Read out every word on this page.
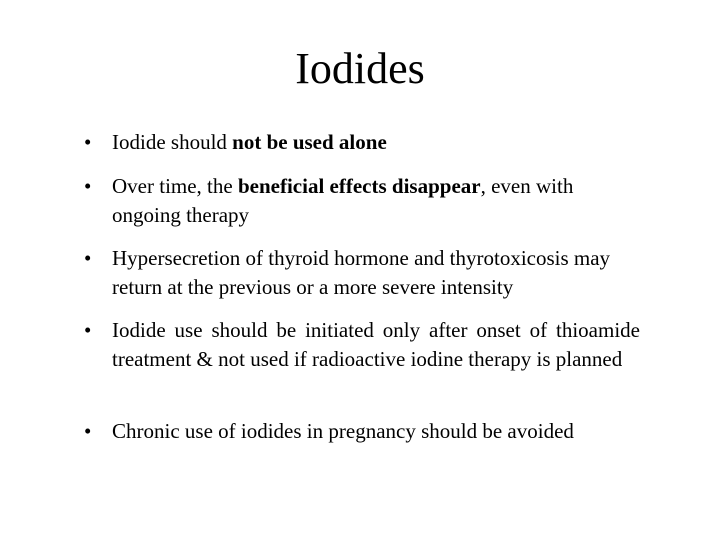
Iodides
• Iodide should not be used alone
• Over time, the beneficial effects disappear, even with ongoing therapy
• Hypersecretion of thyroid hormone and thyrotoxicosis may return at the previous or a more severe intensity
• Iodide use should be initiated only after onset of thioamide treatment & not used if radioactive iodine therapy is planned
• Chronic use of iodides in pregnancy should be avoided
